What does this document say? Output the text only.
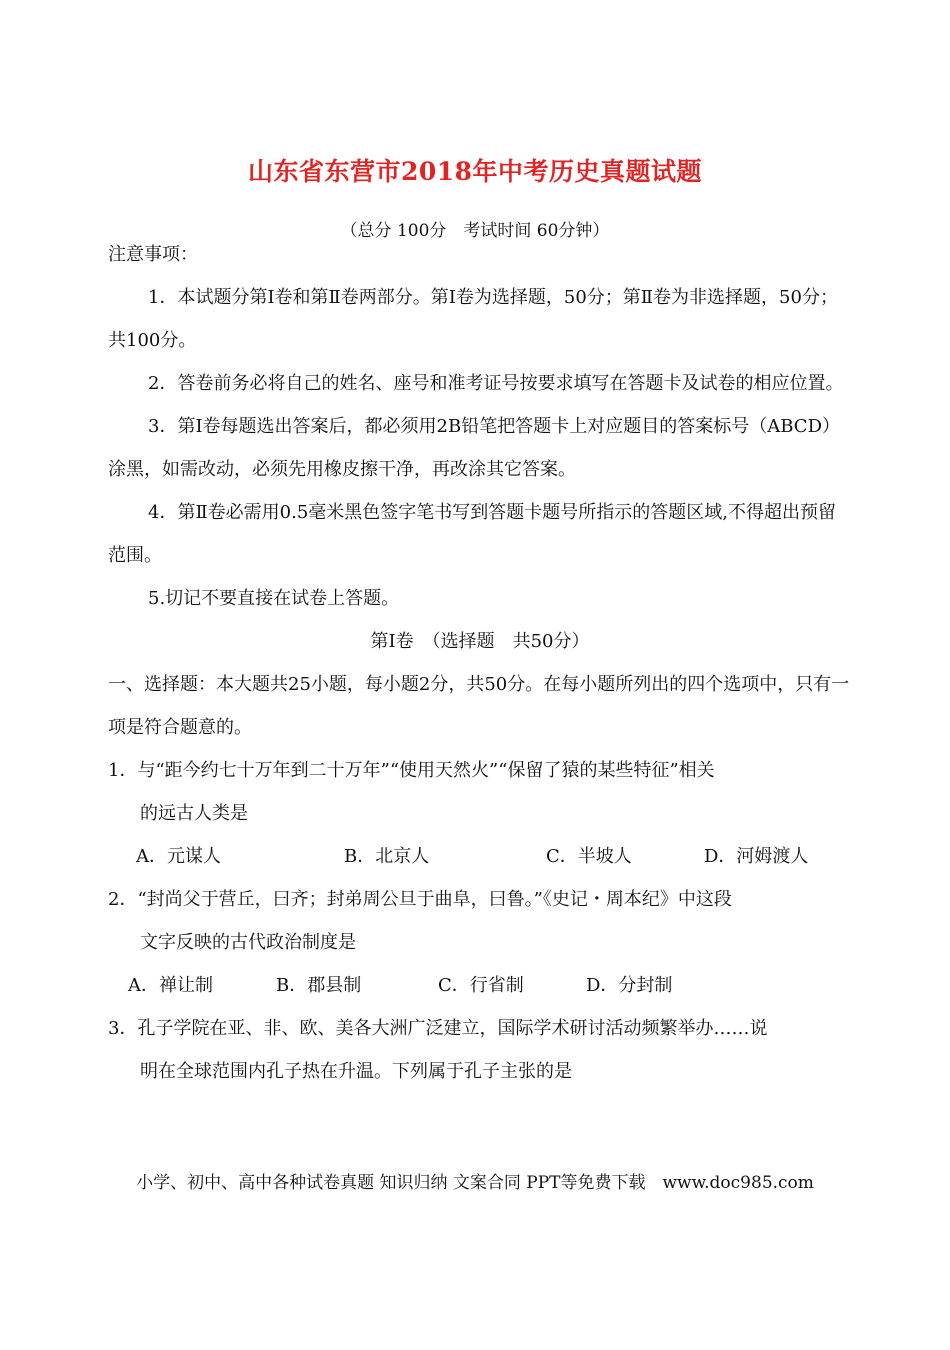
山东省东营市2018年中考历史真题试题
（总分 100分　考试时间 60分钟）

注意事项：

1．本试题分第Ⅰ卷和第Ⅱ卷两部分。第Ⅰ卷为选择题，50分；第Ⅱ卷为非选择题，50分；共100分。

2．答卷前务必将自己的姓名、座号和准考证号按要求填写在答题卡及试卷的相应位置。

3．第Ⅰ卷每题选出答案后，都必须用2B铅笔把答题卡上对应题目的答案标号（ABCD）涂黑，如需改动，必须先用橡皮擦干净，再改涂其它答案。

4．第Ⅱ卷必需用0.5毫米黑色签字笔书写到答题卡题号所指示的答题区域,不得超出预留范围。

5.切记不要直接在试卷上答题。

第Ⅰ卷　（选择题　共50分）

一、选择题：本大题共25小题，每小题2分，共50分。在每小题所列出的四个选项中，只有一项是符合题意的。

1．与“距今约七十万年到二十万年”“使用天然火”“保留了猿的某些特征”相关

的远古人类是

A．元谋人	B．北京人	C．半坡人	D．河姆渡人

2．“封尚父于营丘，曰齐；封弟周公旦于曲阜，曰鲁。”《史记・周本纪》中这段

文字反映的古代政治制度是

A．禅让制	B．郡县制	C．行省制	D．分封制

3．孔子学院在亚、非、欧、美各大洲广泛建立，国际学术研讨活动频繁举办……说

明在全球范围内孔子热在升温。下列属于孔子主张的是

小学、初中、高中各种试卷真题 知识归纳 文案合同 PPT等免费下载　www.doc985.com
